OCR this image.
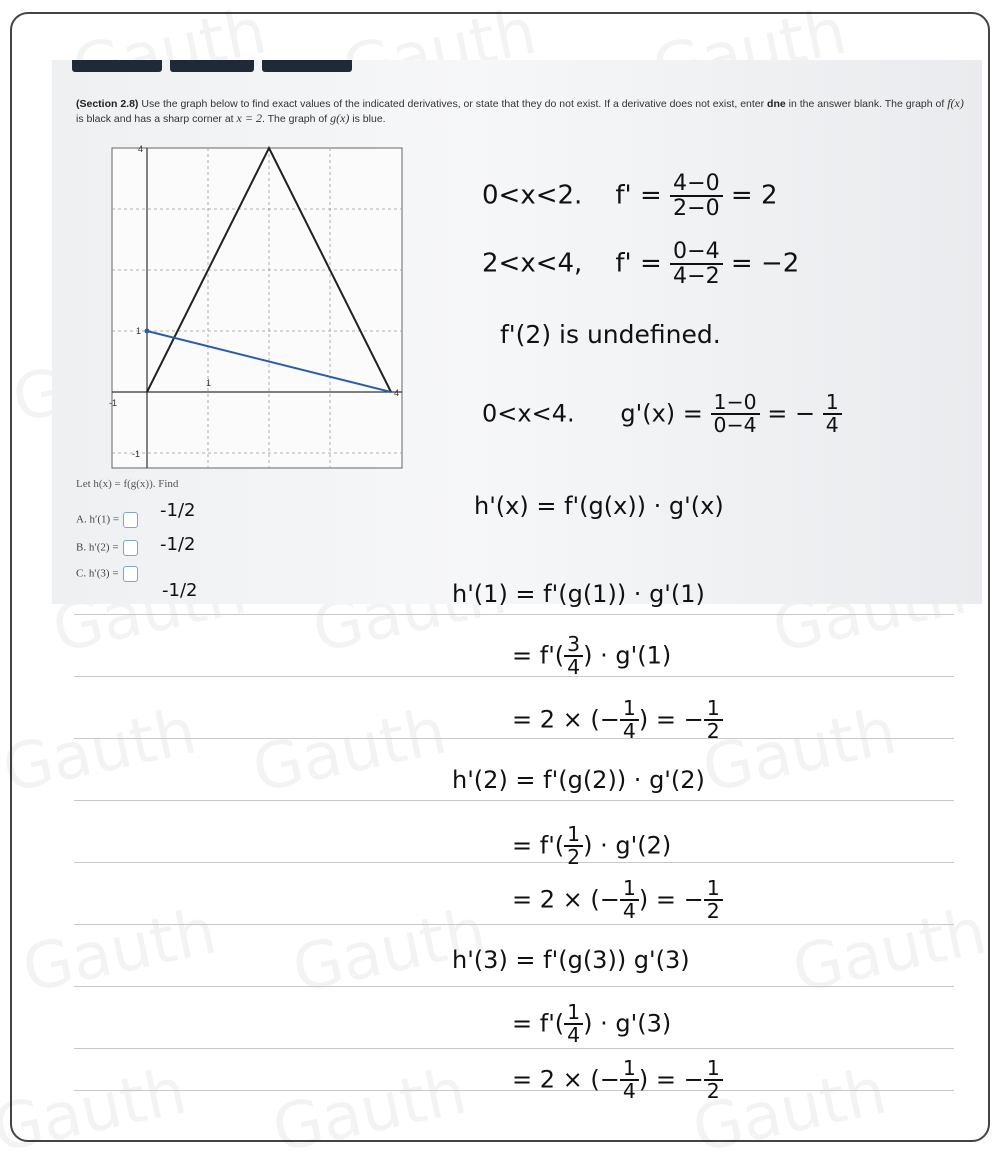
(Section 2.8) Use the graph below to find exact values of the indicated derivatives, or state that they do not exist. If a derivative does not exist, enter dne in the answer blank. The graph of f(x) is black and has a sharp corner at x = 2. The graph of g(x) is blue.
4
1
-1
1
4
-1
Let h(x) = f(g(x)). Find
A. h′(1) =	-1/2
B. h′(2) =	-1/2
C. h′(3) =
-1/2
0<x<2. $f' = \frac{4-0}{2-0} = 2$
2<x<4, $f' = \frac{0-4}{4-2} = -2$
f'(2) is undefined.
0<x<4. $g'(x) = \frac{1-0}{0-4}$ = − $\frac{1}{4}$
h'(x) = f'(g(x)) · g'(x)
h'(1) = f'(g(1)) · g'(1)
= $f'( \frac{3}{4}$ ) · g'(1)
= 2 × (− $\frac{1}{4}$ ) = − $\frac{1}{2}$
h'(2) = f'(g(2)) · g'(2)
= $f'( \frac{1}{2}$ ) · g'(2)
= 2 × (− $\frac{1}{4}$ ) = − $\frac{1}{2}$
h'(3) = f'(g(3)) g'(3)
= $f'( \frac{1}{4}$ ) · g'(3)
= 2 × (− $\frac{1}{4}$ ) = − $\frac{1}{2}$
